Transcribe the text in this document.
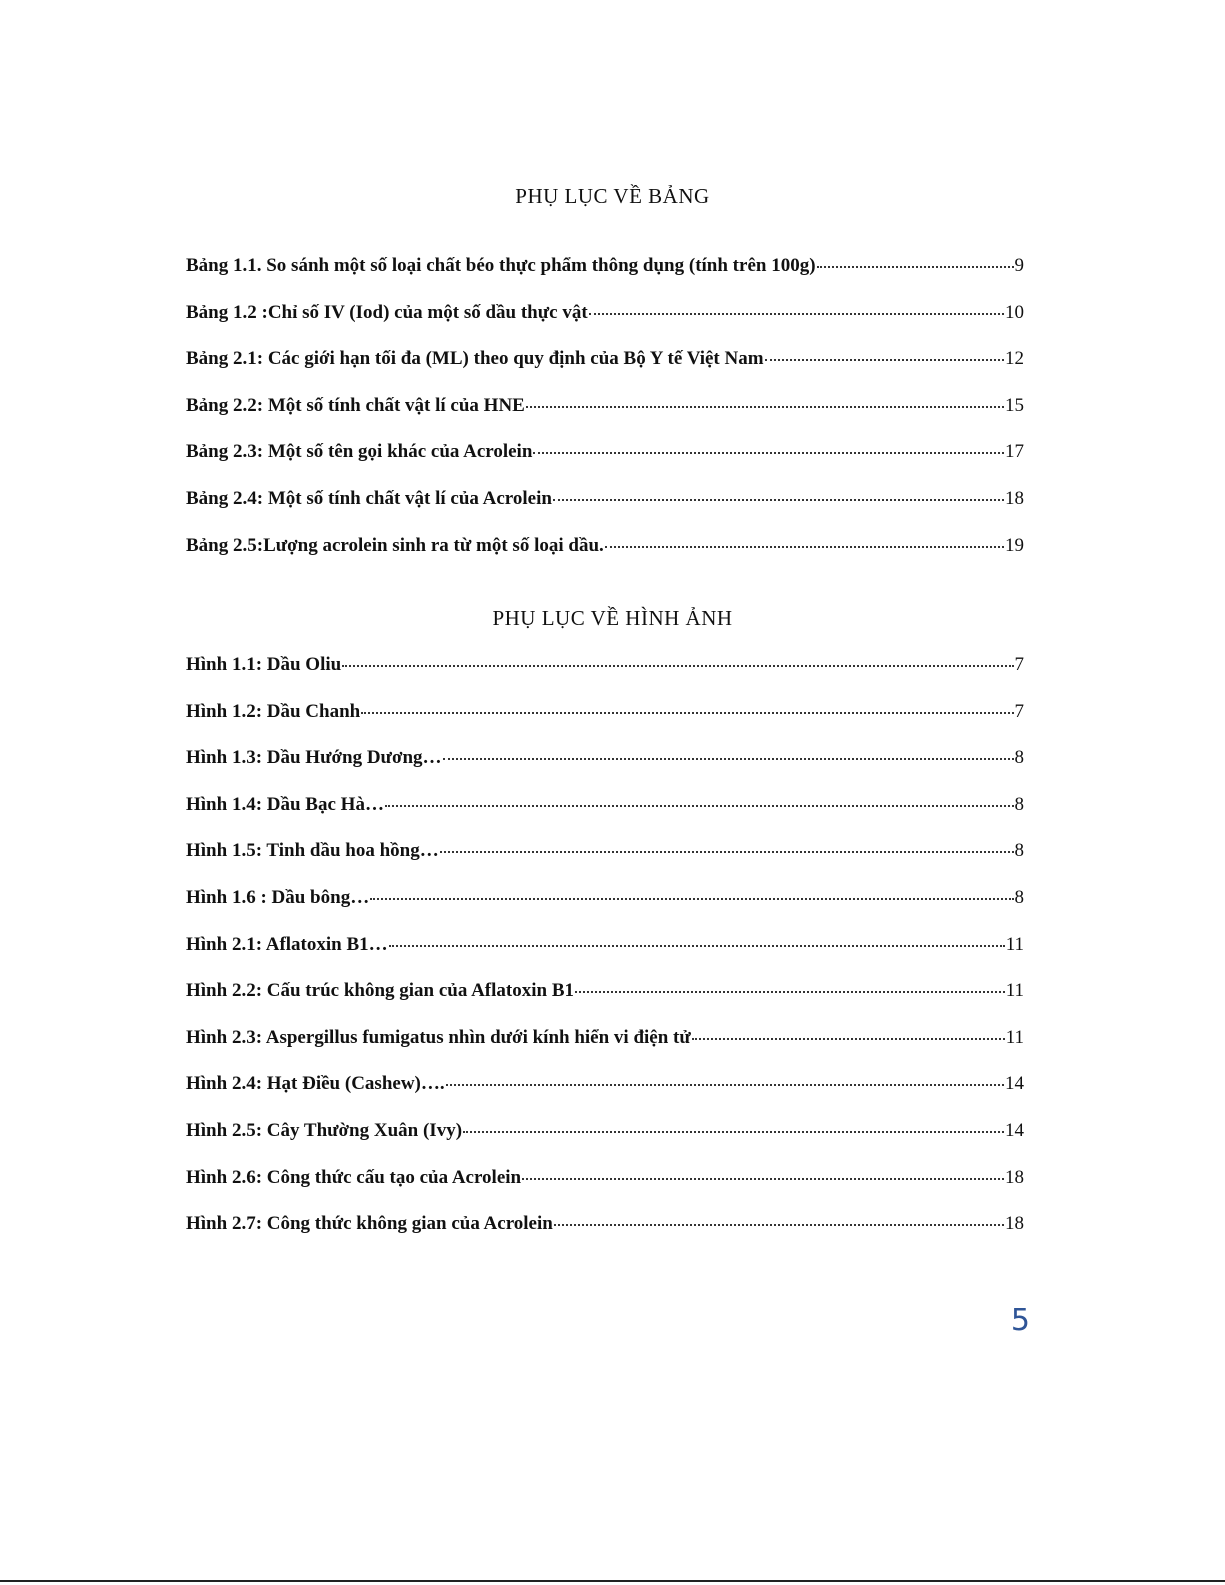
PHỤ LỤC VỀ BẢNG
Bảng 1.1. So sánh một số loại chất béo thực phẩm thông dụng (tính trên 100g)	9
Bảng 1.2 :Chỉ số IV (Iod) của một số dầu thực vật	10
Bảng 2.1: Các giới hạn tối đa (ML) theo quy định của Bộ Y tế Việt Nam	12
Bảng 2.2: Một số tính chất vật lí của HNE	15
Bảng 2.3: Một số tên gọi khác của Acrolein	17
Bảng 2.4: Một số tính chất vật lí của Acrolein	18
Bảng 2.5:Lượng acrolein sinh ra từ một số loại dầu.	19
PHỤ LỤC VỀ HÌNH ẢNH
Hình 1.1: Dầu Oliu	7
Hình 1.2: Dầu Chanh	7
Hình 1.3: Dầu Hướng Dương…	8
Hình 1.4: Dầu Bạc Hà…	8
Hình 1.5: Tinh dầu hoa hồng…	8
Hình 1.6 : Dầu bông…	8
Hình 2.1: Aflatoxin B1…	11
Hình 2.2: Cấu trúc không gian của Aflatoxin B1	11
Hình 2.3: Aspergillus fumigatus nhìn dưới kính hiển vi điện tử	11
Hình 2.4: Hạt Điều (Cashew)….	14
Hình 2.5: Cây Thường Xuân (Ivy)	14
Hình 2.6: Công thức cấu tạo của Acrolein	18
Hình 2.7: Công thức không gian của Acrolein	18
5
